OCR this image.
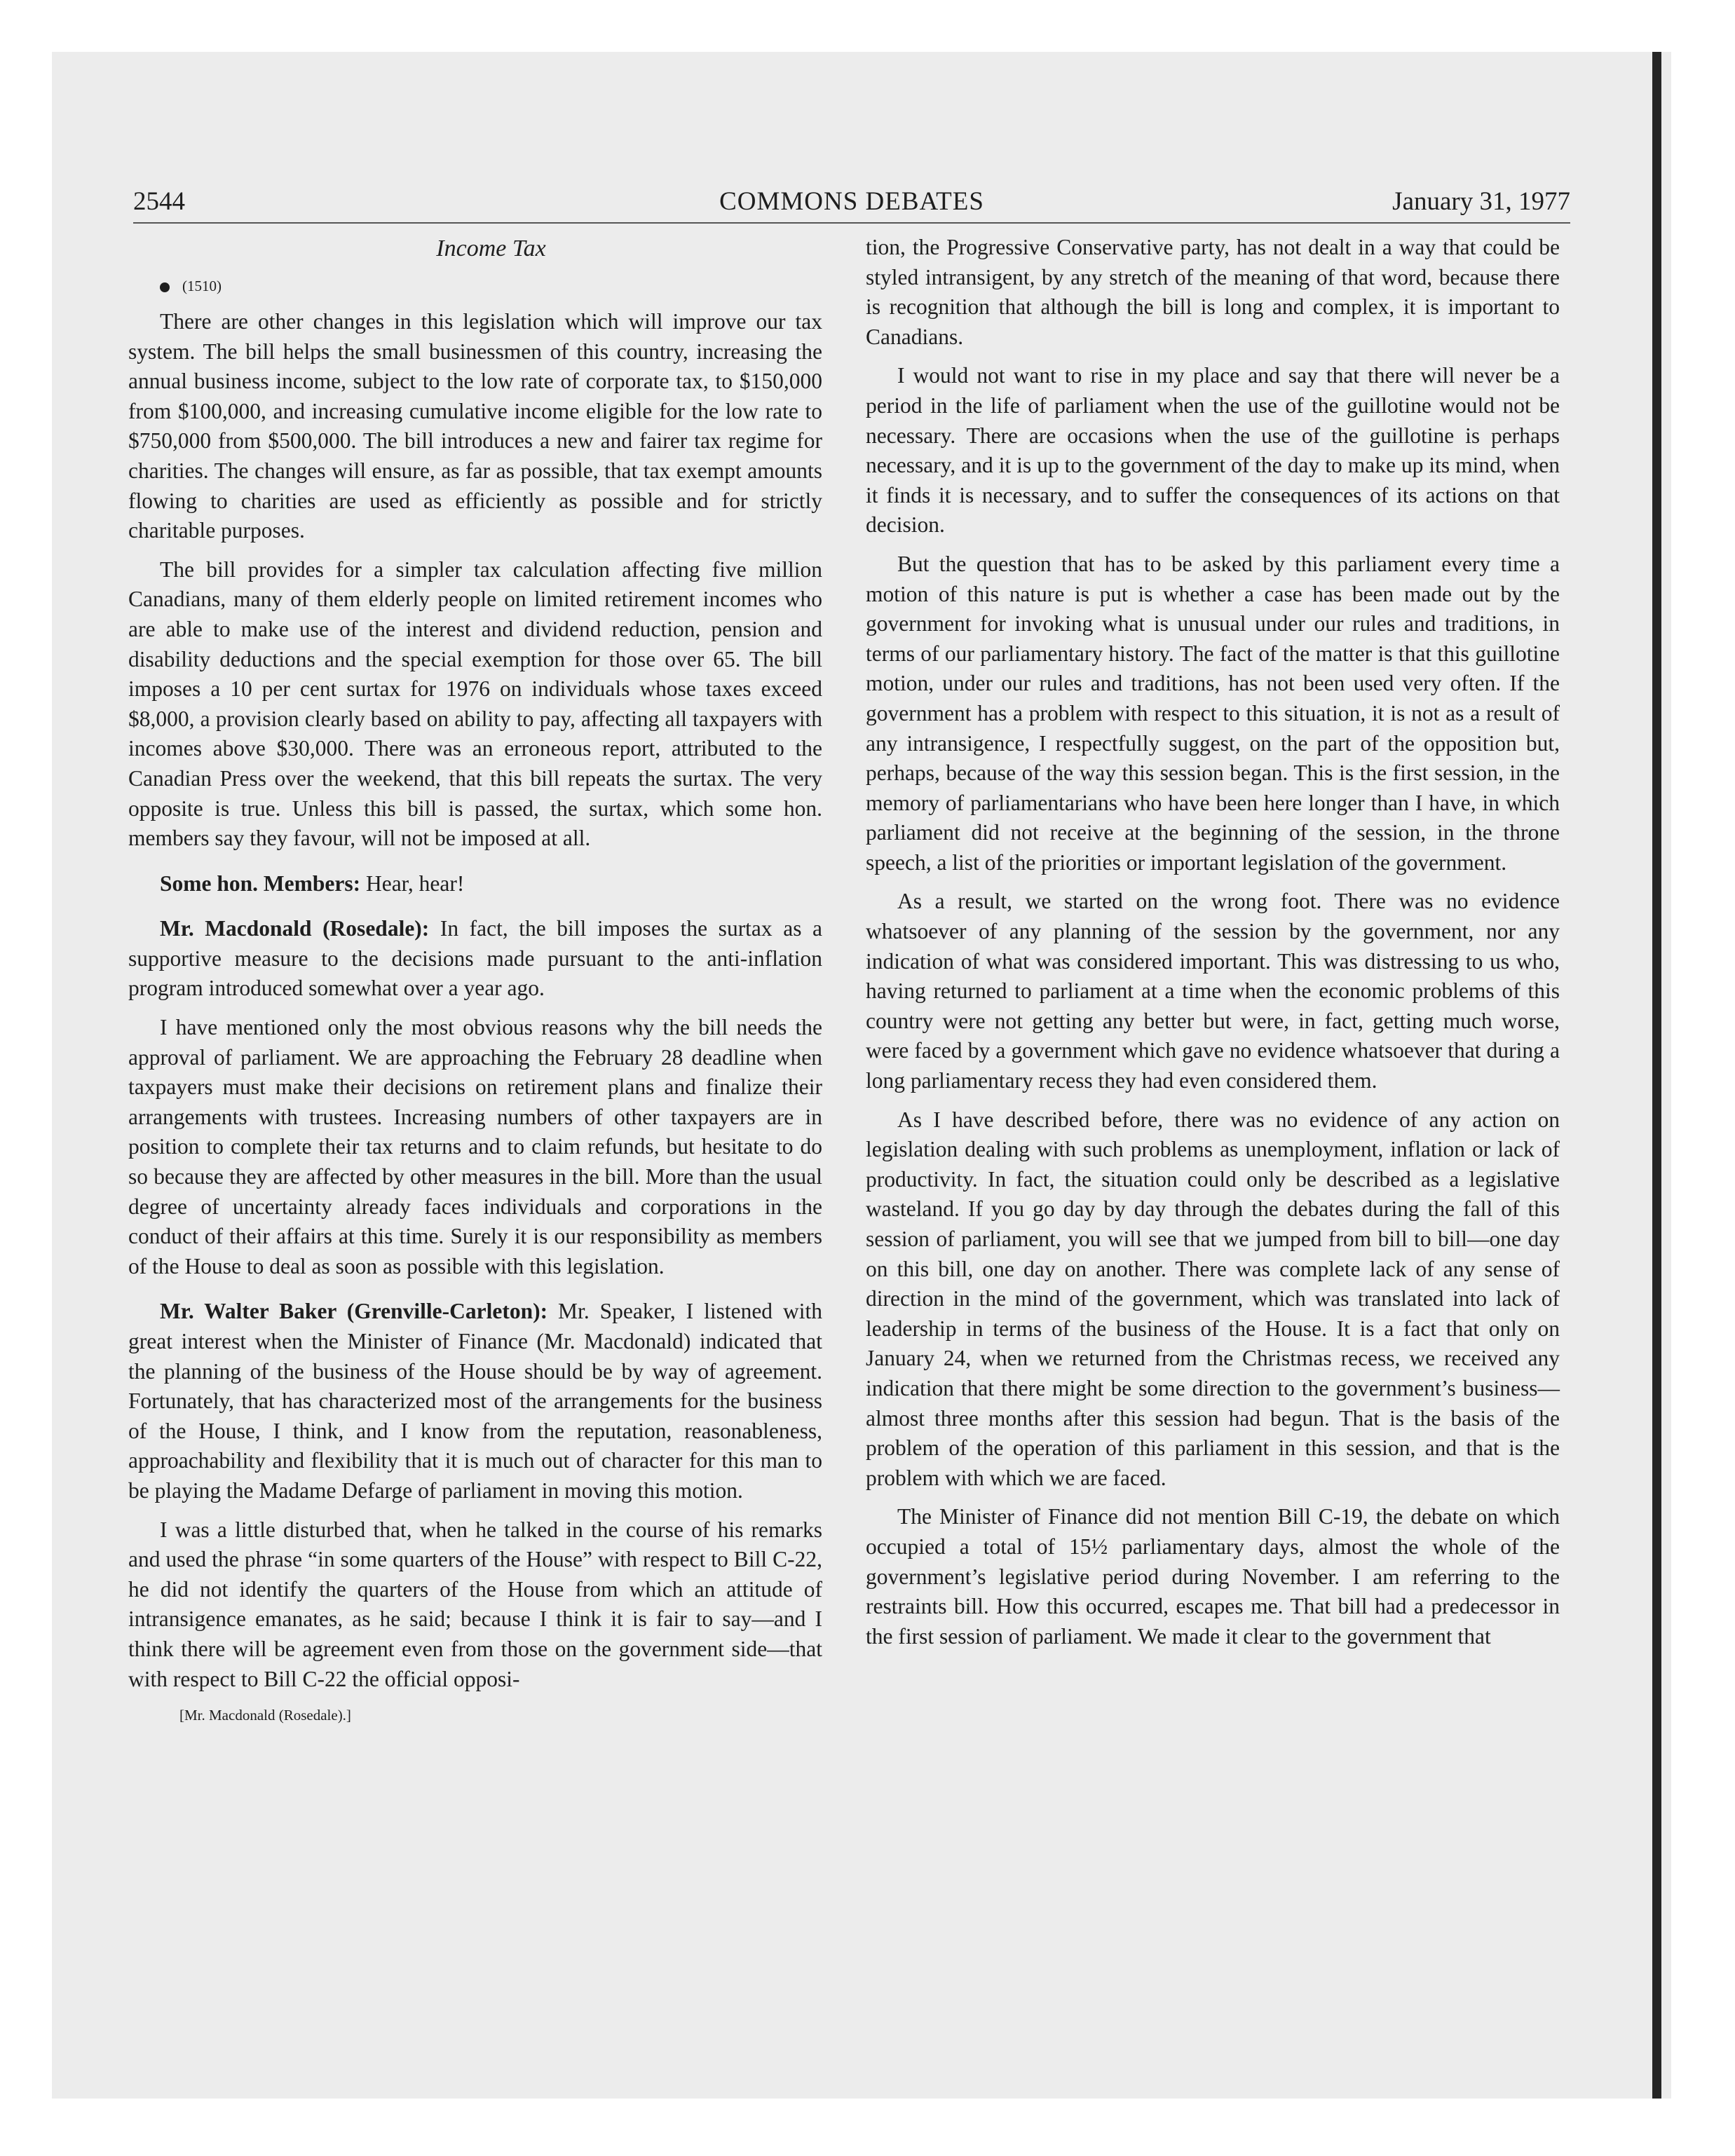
2544	COMMONS DEBATES	January 31, 1977

Income Tax

(1510)

There are other changes in this legislation which will improve our tax system. The bill helps the small businessmen of this country, increasing the annual business income, subject to the low rate of corporate tax, to $150,000 from $100,000, and increasing cumulative income eligible for the low rate to $750,000 from $500,000. The bill introduces a new and fairer tax regime for charities. The changes will ensure, as far as possible, that tax exempt amounts flowing to charities are used as efficiently as possible and for strictly charitable purposes.

The bill provides for a simpler tax calculation affecting five million Canadians, many of them elderly people on limited retirement incomes who are able to make use of the interest and dividend reduction, pension and disability deductions and the special exemption for those over 65. The bill imposes a 10 per cent surtax for 1976 on individuals whose taxes exceed $8,000, a provision clearly based on ability to pay, affecting all taxpayers with incomes above $30,000. There was an erroneous report, attributed to the Canadian Press over the weekend, that this bill repeats the surtax. The very opposite is true. Unless this bill is passed, the surtax, which some hon. members say they favour, will not be imposed at all.

Some hon. Members: Hear, hear!

Mr. Macdonald (Rosedale): In fact, the bill imposes the surtax as a supportive measure to the decisions made pursuant to the anti-inflation program introduced somewhat over a year ago.

I have mentioned only the most obvious reasons why the bill needs the approval of parliament. We are approaching the February 28 deadline when taxpayers must make their decisions on retirement plans and finalize their arrangements with trustees. Increasing numbers of other taxpayers are in position to complete their tax returns and to claim refunds, but hesitate to do so because they are affected by other measures in the bill. More than the usual degree of uncertainty already faces individuals and corporations in the conduct of their affairs at this time. Surely it is our responsibility as members of the House to deal as soon as possible with this legislation.

Mr. Walter Baker (Grenville-Carleton): Mr. Speaker, I listened with great interest when the Minister of Finance (Mr. Macdonald) indicated that the planning of the business of the House should be by way of agreement. Fortunately, that has characterized most of the arrangements for the business of the House, I think, and I know from the reputation, reasonableness, approachability and flexibility that it is much out of character for this man to be playing the Madame Defarge of parliament in moving this motion.

I was a little disturbed that, when he talked in the course of his remarks and used the phrase “in some quarters of the House” with respect to Bill C-22, he did not identify the quarters of the House from which an attitude of intransigence emanates, as he said; because I think it is fair to say—and I think there will be agreement even from those on the government side—that with respect to Bill C-22 the official opposi-

[Mr. Macdonald (Rosedale).]

tion, the Progressive Conservative party, has not dealt in a way that could be styled intransigent, by any stretch of the meaning of that word, because there is recognition that although the bill is long and complex, it is important to Canadians.

I would not want to rise in my place and say that there will never be a period in the life of parliament when the use of the guillotine would not be necessary. There are occasions when the use of the guillotine is perhaps necessary, and it is up to the government of the day to make up its mind, when it finds it is necessary, and to suffer the consequences of its actions on that decision.

But the question that has to be asked by this parliament every time a motion of this nature is put is whether a case has been made out by the government for invoking what is unusual under our rules and traditions, in terms of our parliamentary history. The fact of the matter is that this guillotine motion, under our rules and traditions, has not been used very often. If the government has a problem with respect to this situation, it is not as a result of any intransigence, I respectfully suggest, on the part of the opposition but, perhaps, because of the way this session began. This is the first session, in the memory of parliamentarians who have been here longer than I have, in which parliament did not receive at the beginning of the session, in the throne speech, a list of the priorities or important legislation of the government.

As a result, we started on the wrong foot. There was no evidence whatsoever of any planning of the session by the government, nor any indication of what was considered important. This was distressing to us who, having returned to parliament at a time when the economic problems of this country were not getting any better but were, in fact, getting much worse, were faced by a government which gave no evidence whatsoever that during a long parliamentary recess they had even considered them.

As I have described before, there was no evidence of any action on legislation dealing with such problems as unemployment, inflation or lack of productivity. In fact, the situation could only be described as a legislative wasteland. If you go day by day through the debates during the fall of this session of parliament, you will see that we jumped from bill to bill—one day on this bill, one day on another. There was complete lack of any sense of direction in the mind of the government, which was translated into lack of leadership in terms of the business of the House. It is a fact that only on January 24, when we returned from the Christmas recess, we received any indication that there might be some direction to the government’s business—almost three months after this session had begun. That is the basis of the problem of the operation of this parliament in this session, and that is the problem with which we are faced.

The Minister of Finance did not mention Bill C-19, the debate on which occupied a total of 15½ parliamentary days, almost the whole of the government’s legislative period during November. I am referring to the restraints bill. How this occurred, escapes me. That bill had a predecessor in the first session of parliament. We made it clear to the government that
